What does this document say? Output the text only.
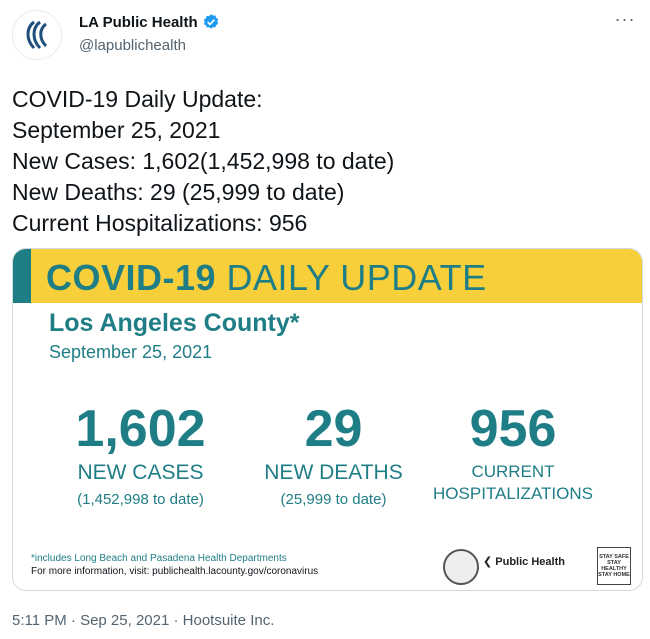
LA Public Health
@lapublichealth
···
COVID-19 Daily Update:
September 25, 2021
New Cases: 1,602(1,452,998 to date)
New Deaths: 29 (25,999 to date)
Current Hospitalizations: 956
COVID-19 DAILY UPDATE
Los Angeles County*
September 25, 2021
1,602
NEW CASES
(1,452,998 to date)
29
NEW DEATHS
(25,999 to date)
956
CURRENT
HOSPITALIZATIONS
*includes Long Beach and Pasadena Health Departments
For more information, visit: publichealth.lacounty.gov/coronavirus
❮ Public Health	STAY SAFE
STAY HEALTHY
STAY HOME
5:11 PM · Sep 25, 2021 · Hootsuite Inc.
